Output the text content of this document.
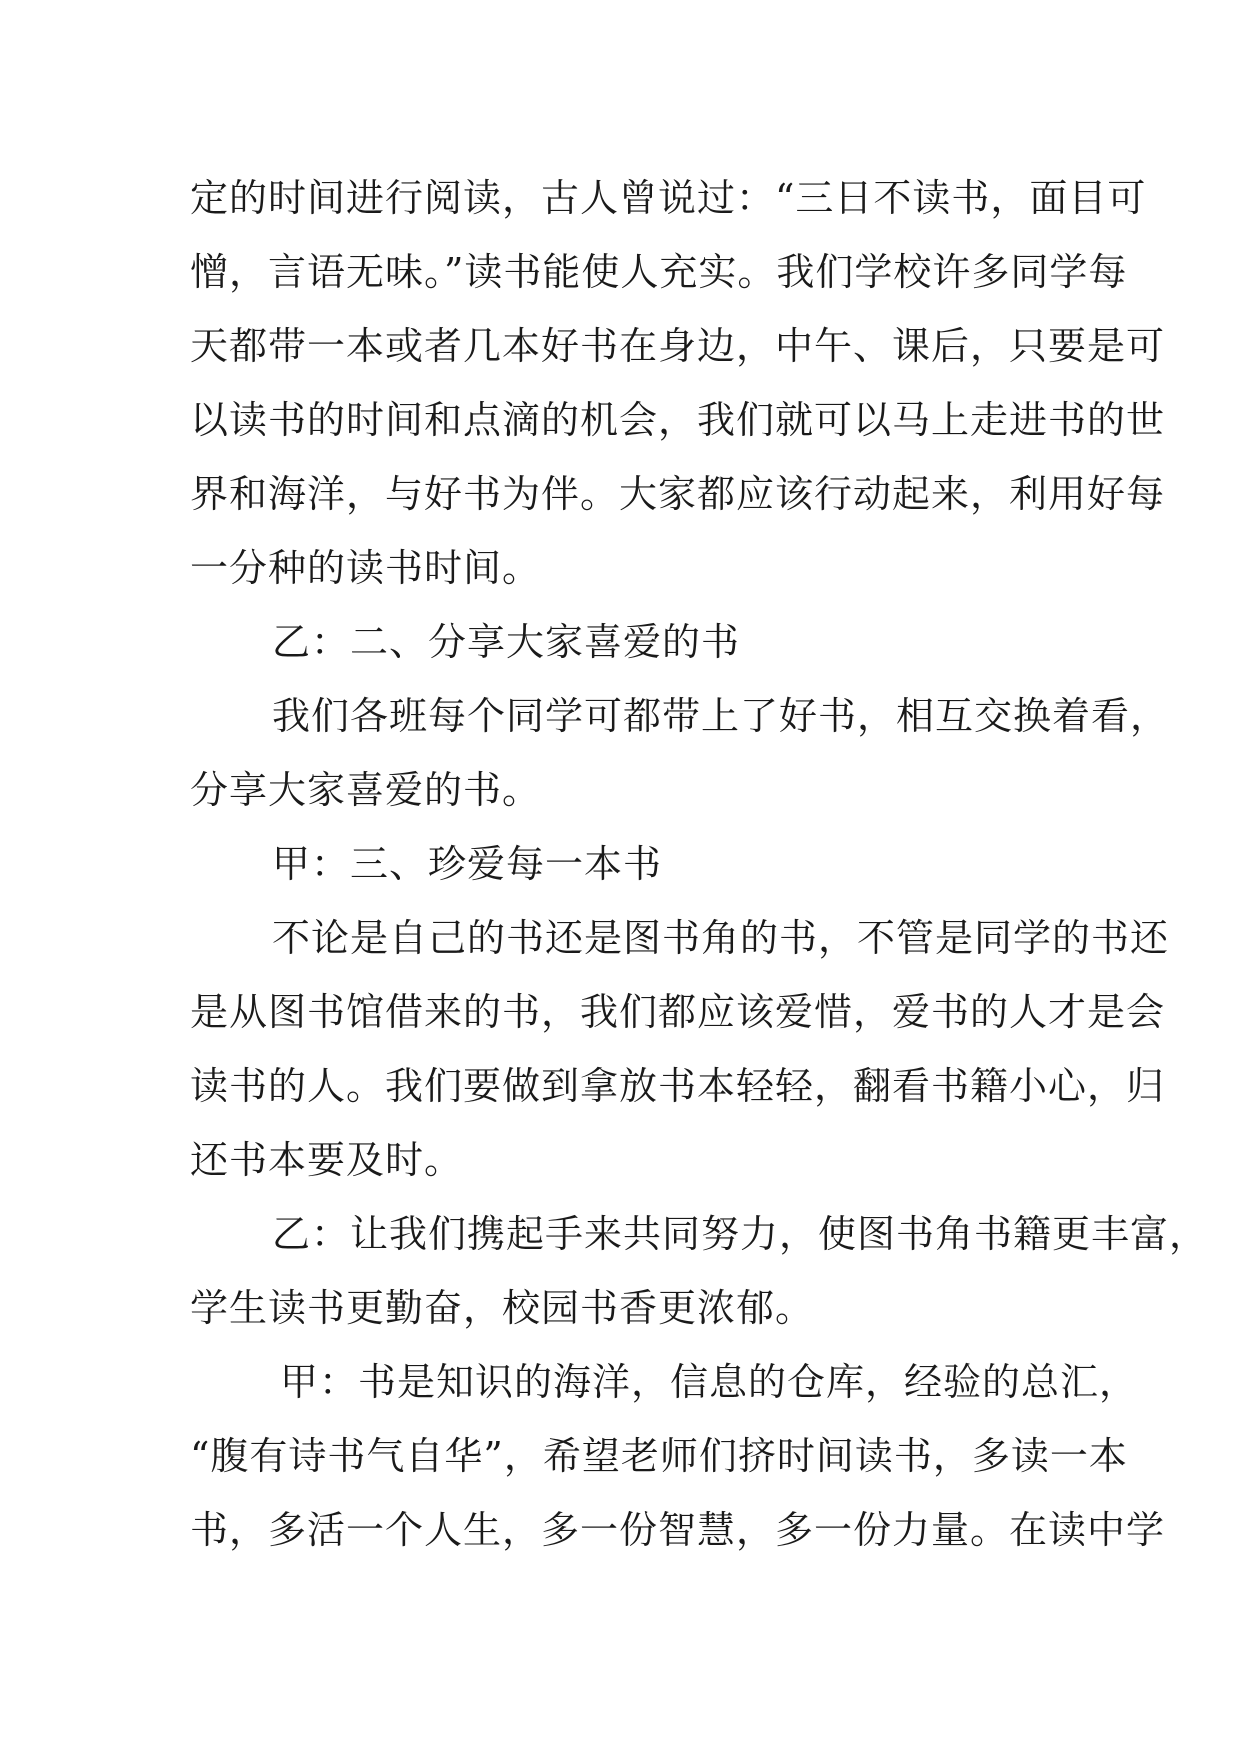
定的时间进行阅读，古人曾说过：“三日不读书，面目可
憎，言语无味。”读书能使人充实。我们学校许多同学每
天都带一本或者几本好书在身边，中午、课后，只要是可
以读书的时间和点滴的机会，我们就可以马上走进书的世
界和海洋，与好书为伴。大家都应该行动起来，利用好每
一分种的读书时间。
乙：二、分享大家喜爱的书
我们各班每个同学可都带上了好书，相互交换着看，
分享大家喜爱的书。
甲：三、珍爱每一本书
不论是自己的书还是图书角的书，不管是同学的书还
是从图书馆借来的书，我们都应该爱惜，爱书的人才是会
读书的人。我们要做到拿放书本轻轻，翻看书籍小心，归
还书本要及时。
乙：让我们携起手来共同努力，使图书角书籍更丰富，
学生读书更勤奋，校园书香更浓郁。
甲：书是知识的海洋，信息的仓库，经验的总汇，
“腹有诗书气自华”，希望老师们挤时间读书，多读一本
书，多活一个人生，多一份智慧，多一份力量。在读中学
